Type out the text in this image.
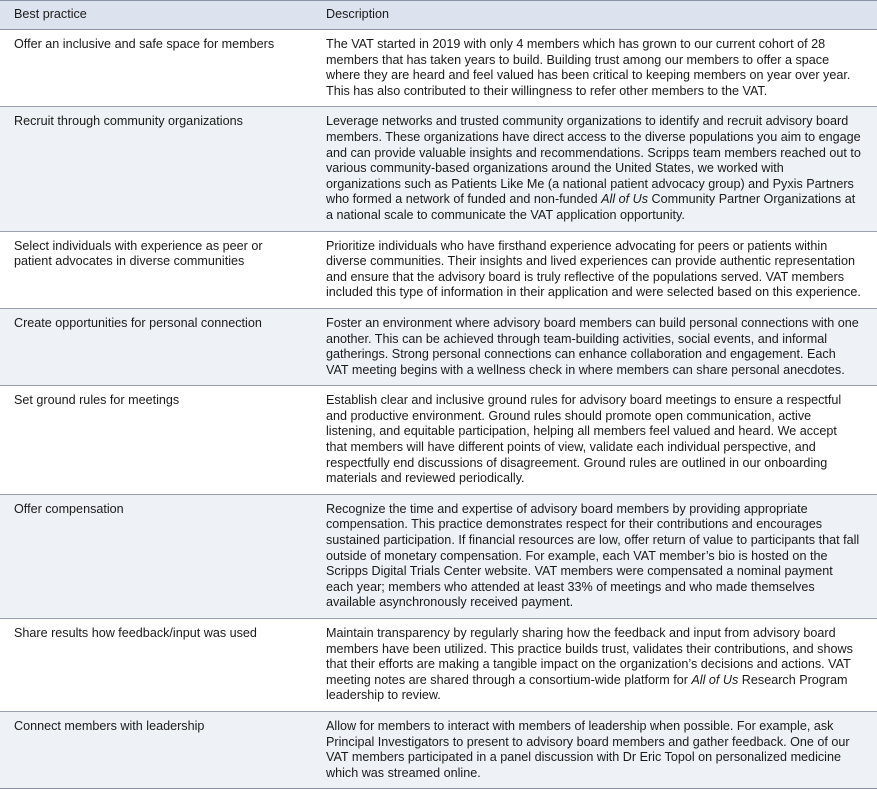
Best practice	Description
Offer an inclusive and safe space for members	The VAT started in 2019 with only 4 members which has grown to our current cohort of 28 members that has taken years to build. Building trust among our members to offer a space where they are heard and feel valued has been critical to keeping members on year over year. This has also contributed to their willingness to refer other members to the VAT.
Recruit through community organizations	Leverage networks and trusted community organizations to identify and recruit advisory board members. These organizations have direct access to the diverse populations you aim to engage and can provide valuable insights and recommendations. Scripps team members reached out to various community-based organizations around the United States, we worked with organizations such as Patients Like Me (a national patient advocacy group) and Pyxis Partners who formed a network of funded and non-funded All of Us Community Partner Organizations at a national scale to communicate the VAT application opportunity.
Select individuals with experience as peer or patient advocates in diverse communities	Prioritize individuals who have firsthand experience advocating for peers or patients within diverse communities. Their insights and lived experiences can provide authentic representation and ensure that the advisory board is truly reflective of the populations served. VAT members included this type of information in their application and were selected based on this experience.
Create opportunities for personal connection	Foster an environment where advisory board members can build personal connections with one another. This can be achieved through team-building activities, social events, and informal gatherings. Strong personal connections can enhance collaboration and engagement. Each VAT meeting begins with a wellness check in where members can share personal anecdotes.
Set ground rules for meetings	Establish clear and inclusive ground rules for advisory board meetings to ensure a respectful and productive environment. Ground rules should promote open communication, active listening, and equitable participation, helping all members feel valued and heard. We accept that members will have different points of view, validate each individual perspective, and respectfully end discussions of disagreement. Ground rules are outlined in our onboarding materials and reviewed periodically.
Offer compensation	Recognize the time and expertise of advisory board members by providing appropriate compensation. This practice demonstrates respect for their contributions and encourages sustained participation. If financial resources are low, offer return of value to participants that fall outside of monetary compensation. For example, each VAT member’s bio is hosted on the Scripps Digital Trials Center website. VAT members were compensated a nominal payment each year; members who attended at least 33% of meetings and who made themselves available asynchronously received payment.
Share results how feedback/input was used	Maintain transparency by regularly sharing how the feedback and input from advisory board members have been utilized. This practice builds trust, validates their contributions, and shows that their efforts are making a tangible impact on the organization’s decisions and actions. VAT meeting notes are shared through a consortium-wide platform for All of Us Research Program leadership to review.
Connect members with leadership	Allow for members to interact with members of leadership when possible. For example, ask Principal Investigators to present to advisory board members and gather feedback. One of our VAT members participated in a panel discussion with Dr Eric Topol on personalized medicine which was streamed online.
